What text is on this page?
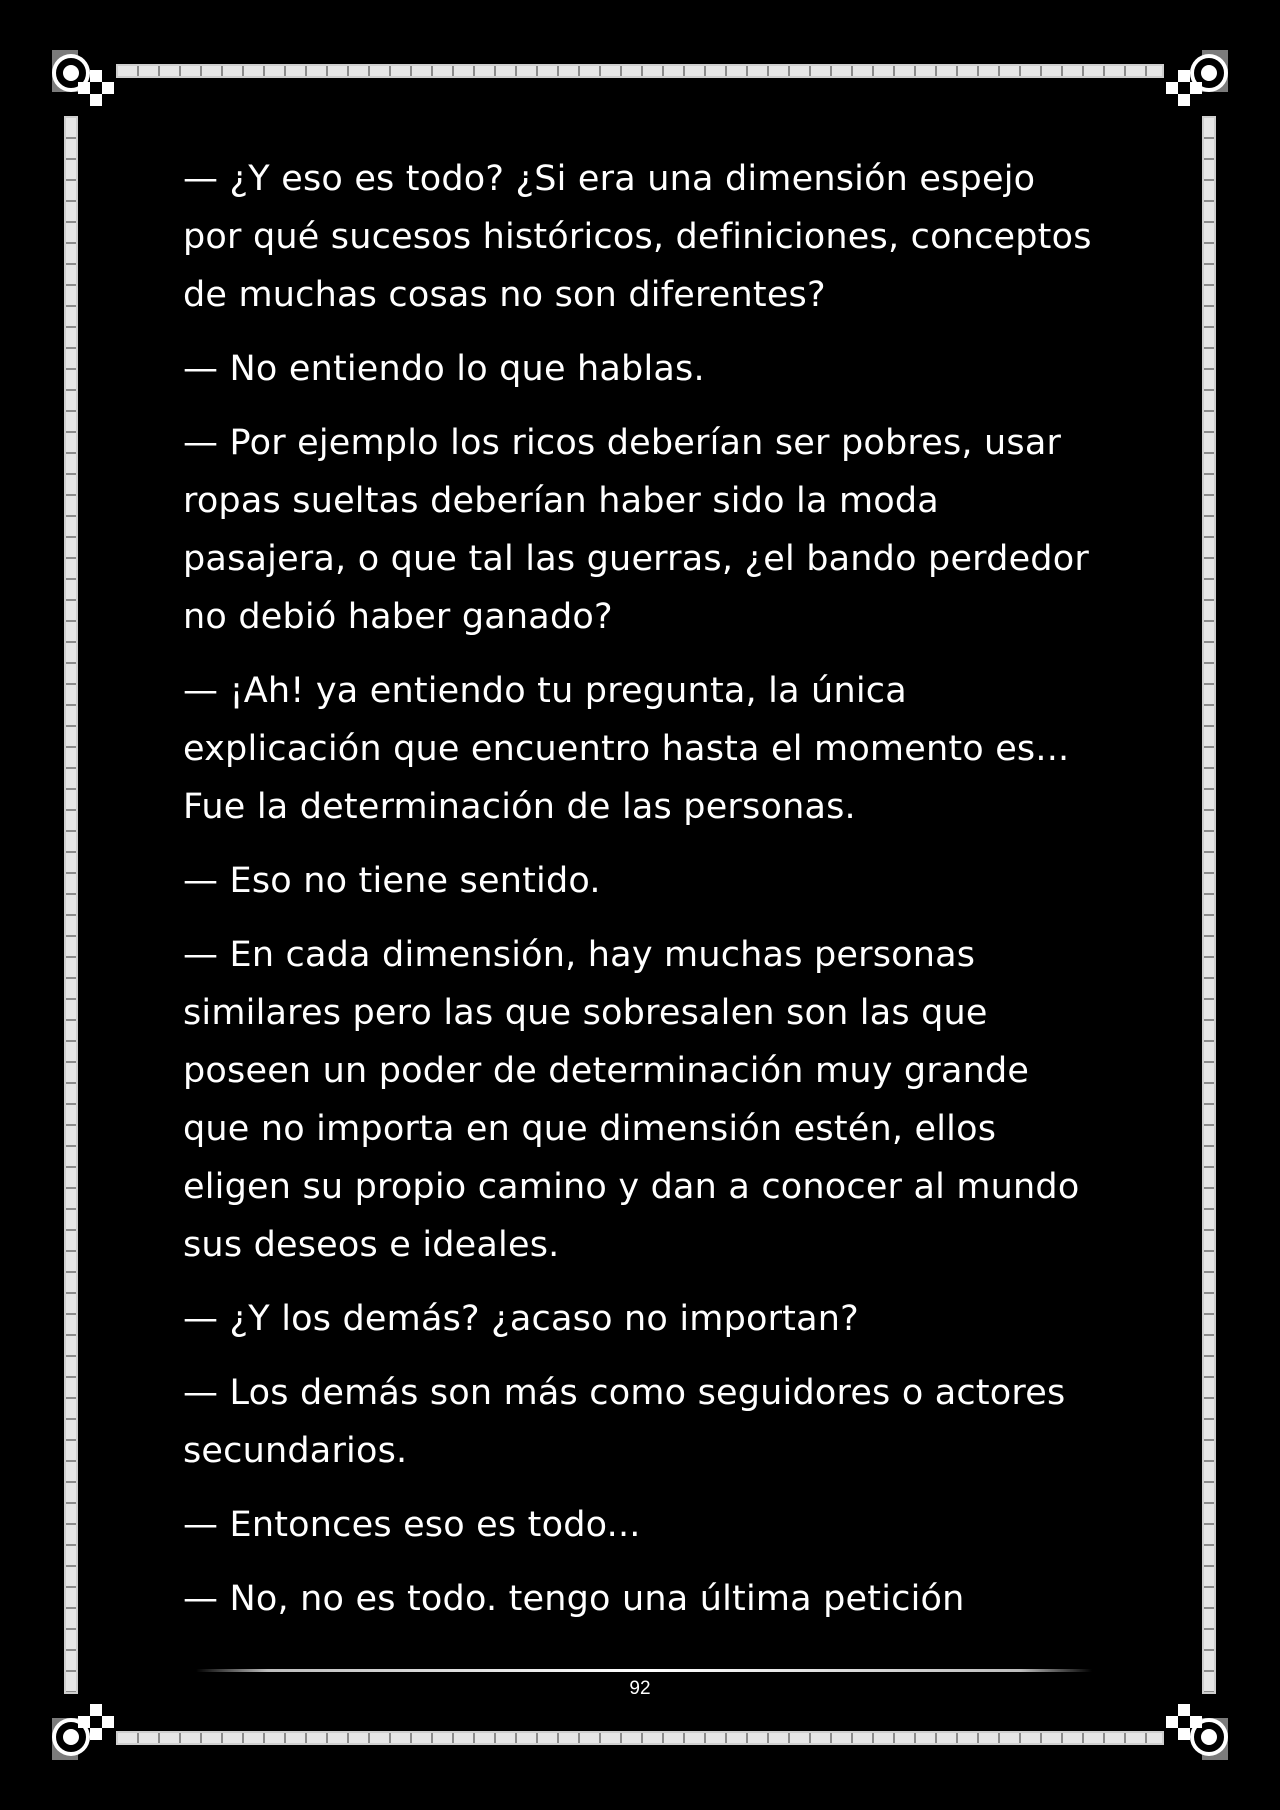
— ¿Y eso es todo? ¿Si era una dimensión espejo por qué sucesos históricos, definiciones, conceptos de muchas cosas no son diferentes?

— No entiendo lo que hablas.

— Por ejemplo los ricos deberían ser pobres, usar ropas sueltas deberían haber sido la moda pasajera, o que tal las guerras, ¿el bando perdedor no debió haber ganado?

— ¡Ah! ya entiendo tu pregunta, la única explicación que encuentro hasta el momento es... Fue la determinación de las personas.

— Eso no tiene sentido.

— En cada dimensión, hay muchas personas similares pero las que sobresalen son las que poseen un poder de determinación muy grande que no importa en que dimensión estén, ellos eligen su propio camino y dan a conocer al mundo sus deseos e ideales.

— ¿Y los demás? ¿acaso no importan?

— Los demás son más como seguidores o actores secundarios.

— Entonces eso es todo...

— No, no es todo. tengo una última petición

92
